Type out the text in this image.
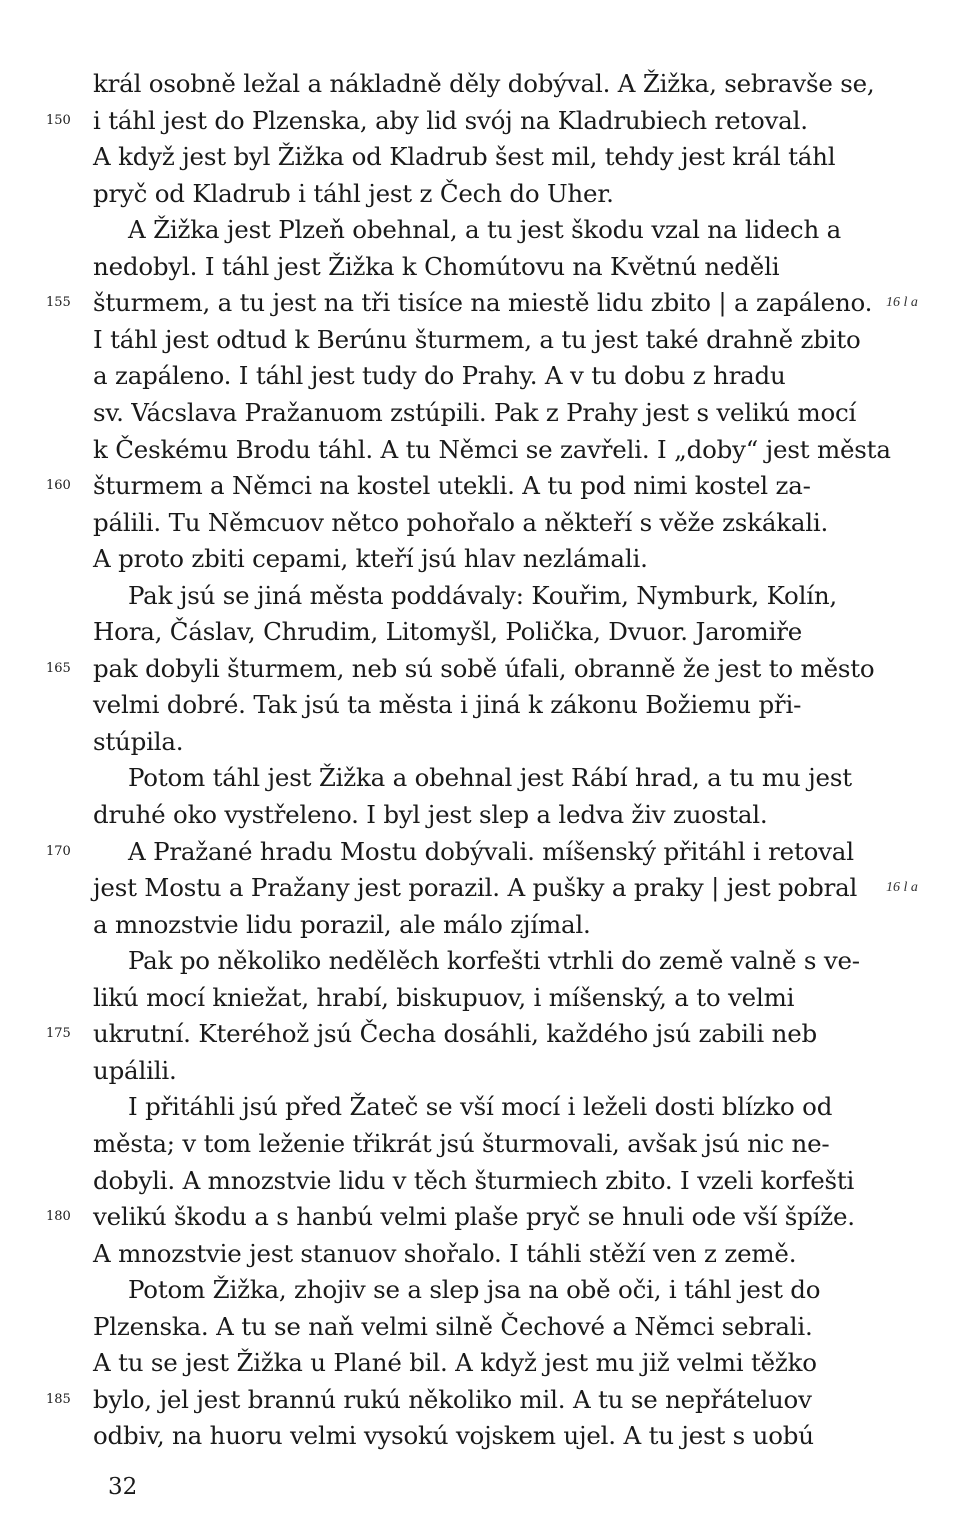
král osobně ležal a nákladně děly dobýval. A Žižka, sebravše se,
i táhl jest do Plzenska, aby lid svój na Kladrubiech retoval.
A když jest byl Žižka od Kladrub šest mil, tehdy jest král táhl
pryč od Kladrub i táhl jest z Čech do Uher.
A Žižka jest Plzeň obehnal, a tu jest škodu vzal na lidech a
nedobyl. I táhl jest Žižka k Chomútovu na Květnú neděli
šturmem, a tu jest na tři tisíce na miestě lidu zbito | a zapáleno.
I táhl jest odtud k Berúnu šturmem, a tu jest také drahně zbito
a zapáleno. I táhl jest tudy do Prahy. A v tu dobu z hradu
sv. Vácslava Pražanuom zstúpili. Pak z Prahy jest s velikú mocí
k Českému Brodu táhl. A tu Němci se zavřeli. I „doby“ jest města
šturmem a Němci na kostel utekli. A tu pod nimi kostel za-
pálili. Tu Němcuov nětco pohořalo a někteří s věže zskákali.
A proto zbiti cepami, kteří jsú hlav nezlámali.
Pak jsú se jiná města poddávaly: Kouřim, Nymburk, Kolín,
Hora, Čáslav, Chrudim, Litomyšl, Polička, Dvuor. Jaromiře
pak dobyli šturmem, neb sú sobě úfali, obranně že jest to město
velmi dobré. Tak jsú ta města i jiná k zákonu Božiemu při-
stúpila.
Potom táhl jest Žižka a obehnal jest Rábí hrad, a tu mu jest
druhé oko vystřeleno. I byl jest slep a ledva živ zuostal.
A Pražané hradu Mostu dobývali. míšenský přitáhl i retoval
jest Mostu a Pražany jest porazil. A pušky a praky | jest pobral
a mnozstvie lidu porazil, ale málo zjímal.
Pak po několiko nedělěch korfešti vtrhli do země valně s ve-
likú mocí kniežat, hrabí, biskupuov, i míšenský, a to velmi
ukrutní. Kteréhož jsú Čecha dosáhli, každého jsú zabili neb
upálili.
I přitáhli jsú před Žateč se vší mocí i leželi dosti blízko od
města; v tom leženie třikrát jsú šturmovali, avšak jsú nic ne-
dobyli. A mnozstvie lidu v těch šturmiech zbito. I vzeli korfešti
velikú škodu a s hanbú velmi plaše pryč se hnuli ode vší špíže.
A mnozstvie jest stanuov shořalo. I táhli stěží ven z země.
Potom Žižka, zhojiv se a slep jsa na obě oči, i táhl jest do
Plzenska. A tu se naň velmi silně Čechové a Němci sebrali.
A tu se jest Žižka u Plané bil. A když jest mu již velmi těžko
bylo, jel jest brannú rukú několiko mil. A tu se nepřáteluov
odbiv, na huoru velmi vysokú vojskem ujel. A tu jest s uobú
150
155
160
165
170
175
180
185
16 l a
16 l a
32
